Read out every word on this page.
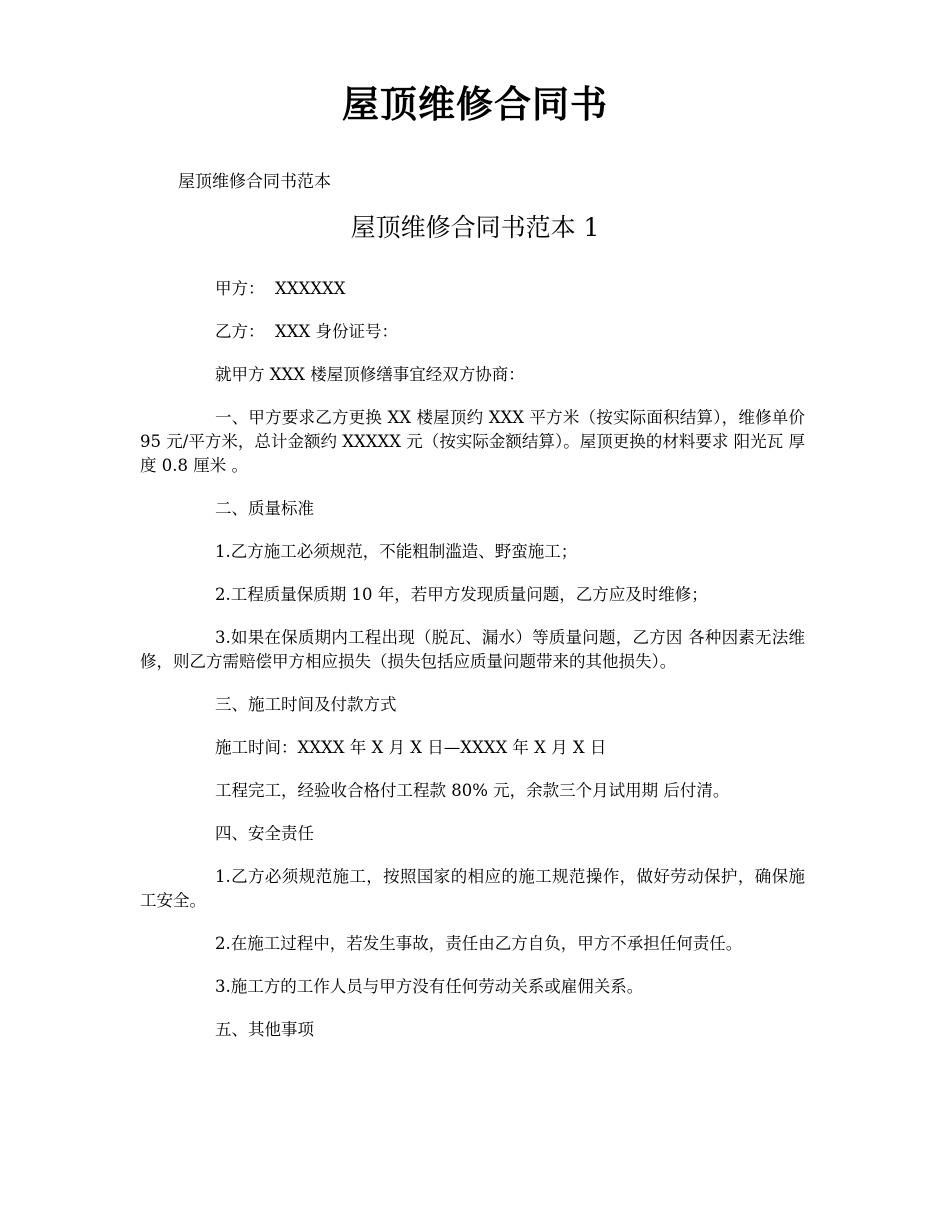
屋顶维修合同书
屋顶维修合同书范本
屋顶维修合同书范本 1

甲方：  XXXXXX

乙方：  XXX 身份证号：

就甲方 XXX 楼屋顶修缮事宜经双方协商：

一、甲方要求乙方更换 XX 楼屋顶约 XXX 平方米（按实际面积结算），维修单价 95 元/平方米，总计金额约 XXXXX 元（按实际金额结算）。屋顶更换的材料要求 阳光瓦 厚度 0.8 厘米 。

二、质量标准

1.乙方施工必须规范，不能粗制滥造、野蛮施工；

2.工程质量保质期 10 年，若甲方发现质量问题，乙方应及时维修；

3.如果在保质期内工程出现（脱瓦、漏水）等质量问题，乙方因 各种因素无法维修，则乙方需赔偿甲方相应损失（损失包括应质量问题带来的其他损失）。

三、施工时间及付款方式

施工时间：XXXX 年 X 月 X 日—XXXX 年 X 月 X 日

工程完工，经验收合格付工程款 80% 元，余款三个月试用期 后付清。

四、安全责任

1.乙方必须规范施工，按照国家的相应的施工规范操作，做好劳动保护，确保施工安全。

2.在施工过程中，若发生事故，责任由乙方自负，甲方不承担任何责任。

3.施工方的工作人员与甲方没有任何劳动关系或雇佣关系。

五、其他事项
